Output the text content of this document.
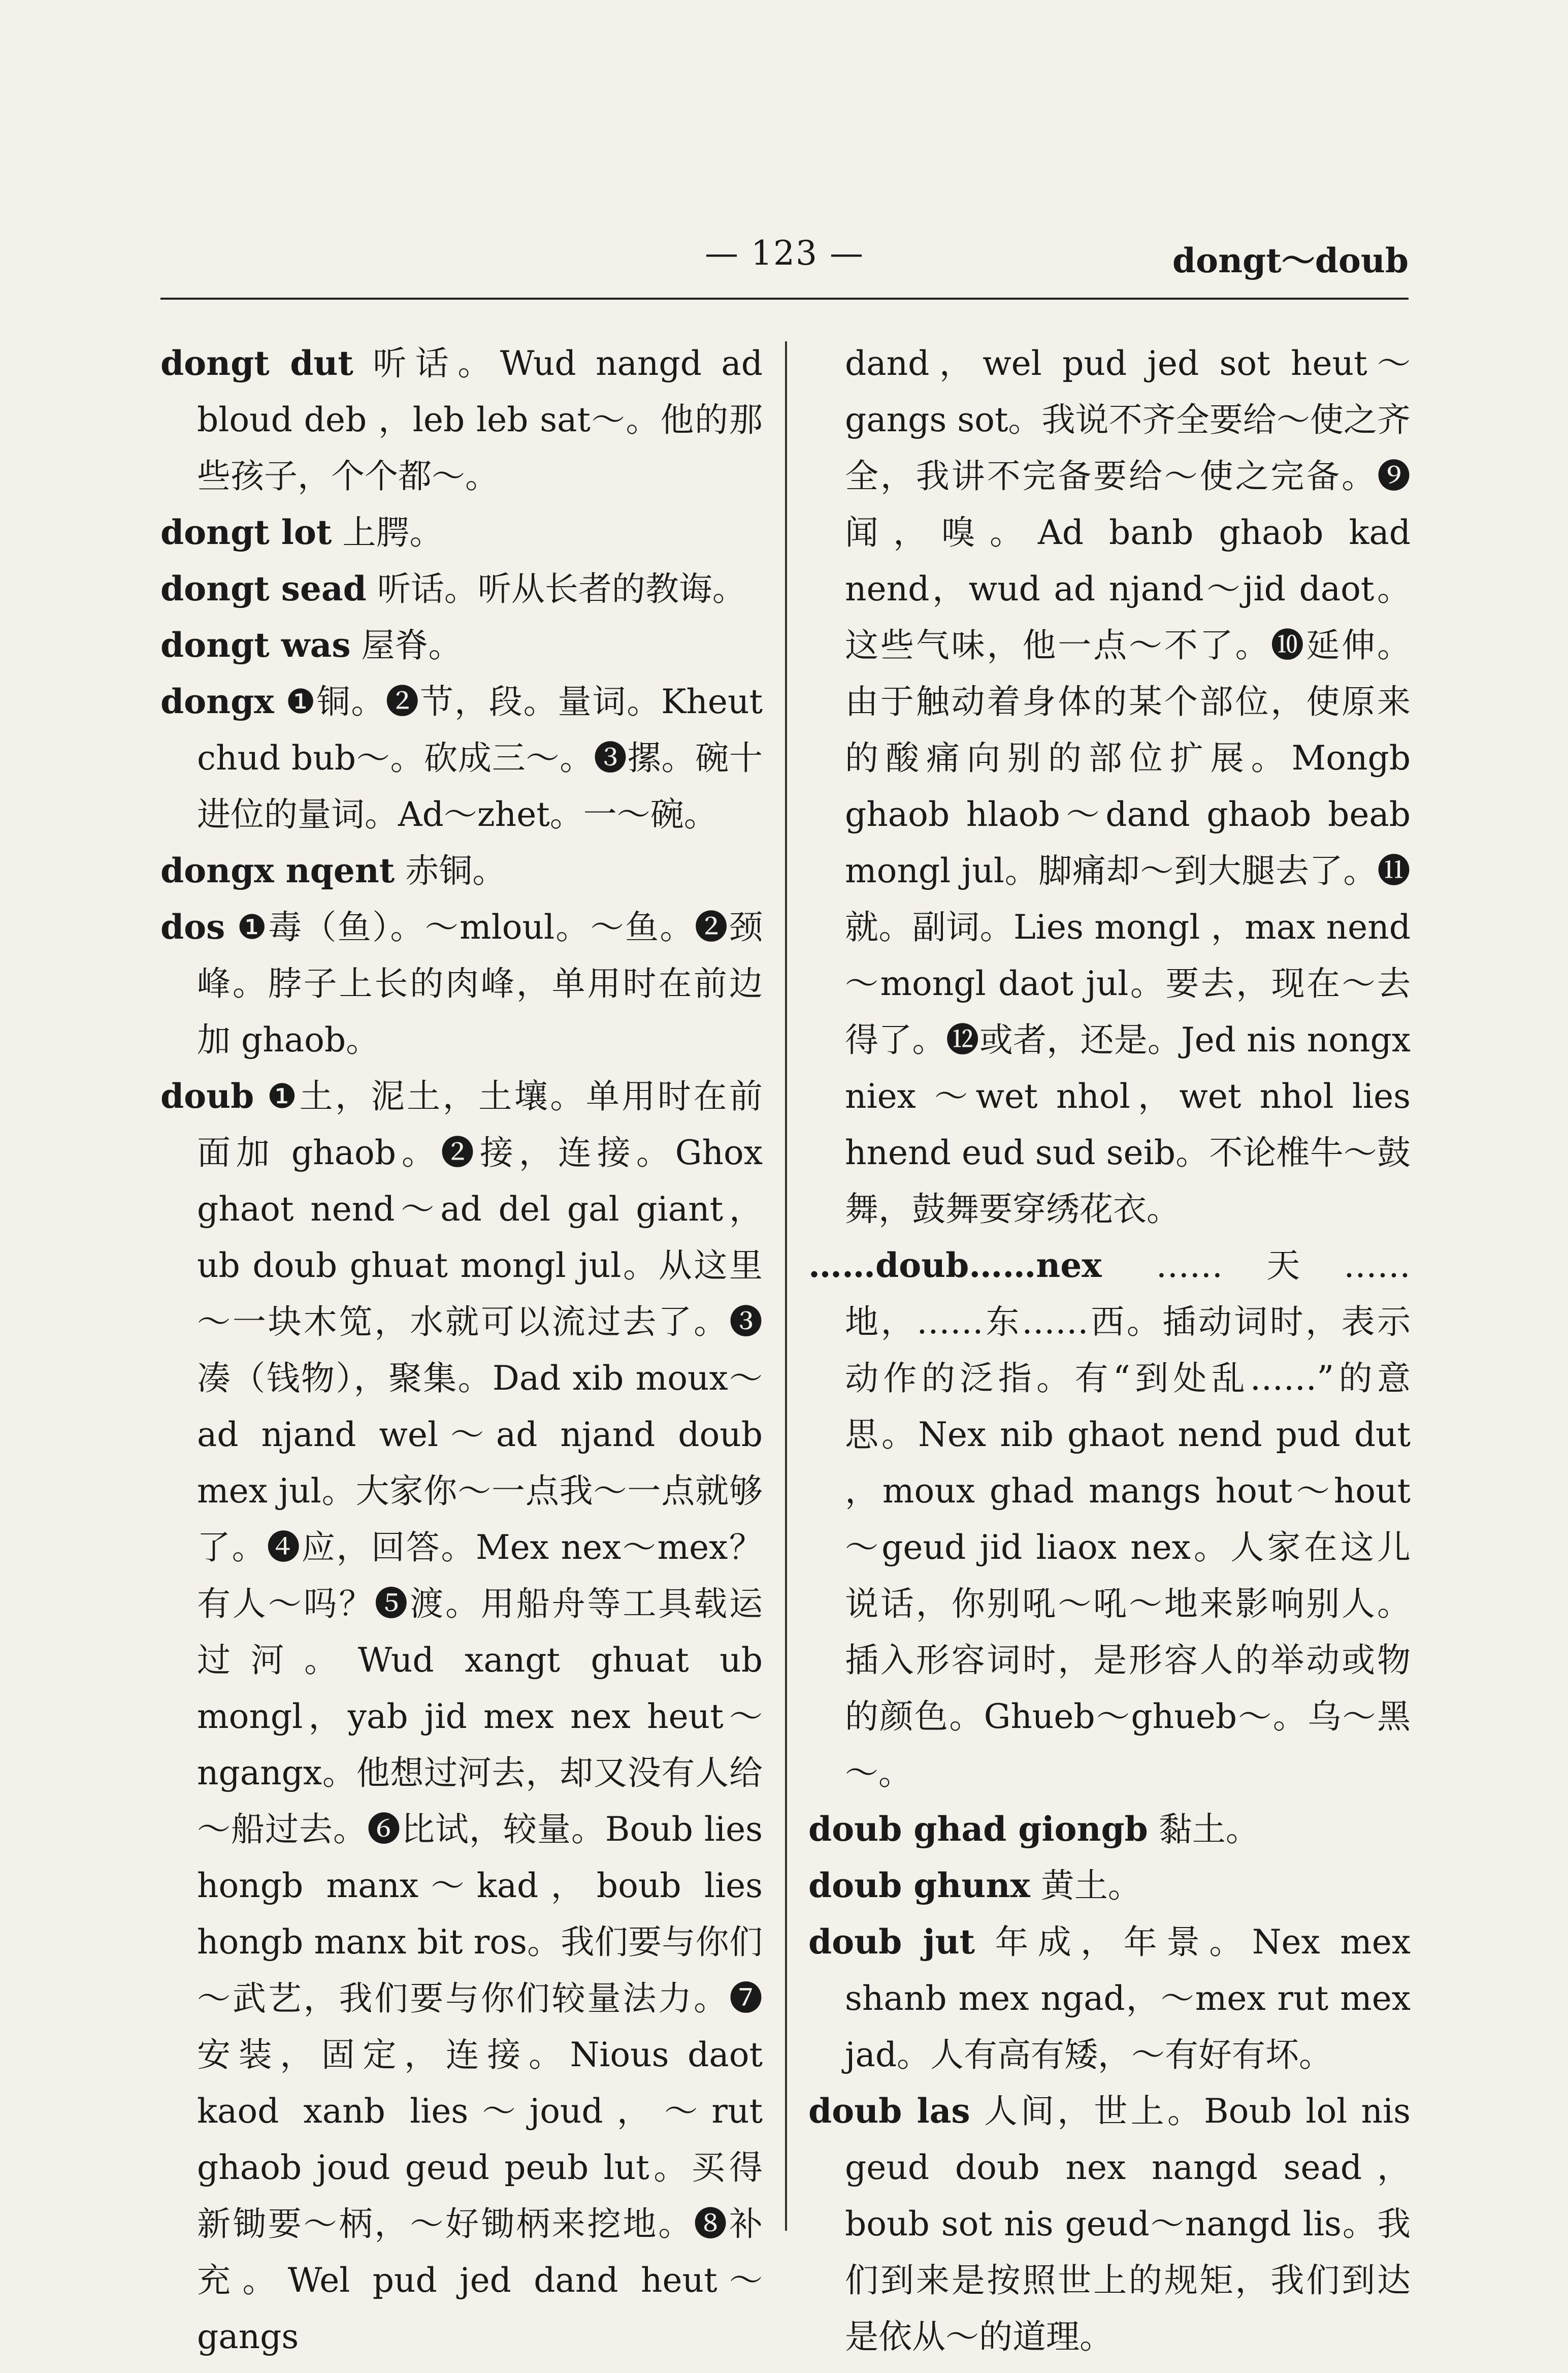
— 123 —	dongt～doub

dongt dut 听话。Wud nangd ad bloud deb ，leb leb sat～。他的那些孩子，个个都～。

dongt lot 上腭。

dongt sead 听话。听从长者的教诲。

dongt was 屋脊。

dongx ❶铜。❷节，段。量词。Kheut chud bub～。砍成三～。❸摞。碗十进位的量词。Ad～zhet。一～碗。

dongx nqent 赤铜。

dos ❶毒（鱼）。～mloul。～鱼。❷颈峰。脖子上长的肉峰，单用时在前边加 ghaob。

doub ❶土，泥土，土壤。单用时在前面加 ghaob。❷接，连接。Ghox ghaot nend～ad del gal giant，ub doub ghuat mongl jul。从这里～一块木笕，水就可以流过去了。❸凑（钱物），聚集。Dad xib moux～ad njand wel～ad njand doub mex jul。大家你～一点我～一点就够了。❹应，回答。Mex nex～mex？有人～吗？❺渡。用船舟等工具载运过河。Wud xangt ghuat ub mongl，yab jid mex nex heut～ngangx。他想过河去，却又没有人给～船过去。❻比试，较量。Boub lies hongb manx～kad，boub lies hongb manx bit ros。我们要与你们～武艺，我们要与你们较量法力。❼安装，固定，连接。Nious daot kaod xanb lies～joud，～rut ghaob joud geud peub lut。买得新锄要～柄，～好锄柄来挖地。❽补充。Wel pud jed dand heut～gangs

dand，wel pud jed sot heut～gangs sot。我说不齐全要给～使之齐全，我讲不完备要给～使之完备。❾闻，嗅。Ad banb ghaob kad nend，wud ad njand～jid daot。这些气味，他一点～不了。❿延伸。由于触动着身体的某个部位，使原来的酸痛向别的部位扩展。Mongb ghaob hlaob～dand ghaob beab mongl jul。脚痛却～到大腿去了。⓫就。副词。Lies mongl ，max nend～mongl daot jul。要去，现在～去得了。⓬或者，还是。Jed nis nongx niex ～wet nhol，wet nhol lies hnend eud sud seib。不论椎牛～鼓舞，鼓舞要穿绣花衣。

……doub……nex ……天……地，……东……西。插动词时，表示动作的泛指。有“到处乱……”的意思。Nex nib ghaot nend pud dut ，moux ghad mangs hout～hout～geud jid liaox nex。人家在这儿说话，你别吼～吼～地来影响别人。插入形容词时，是形容人的举动或物的颜色。Ghueb～ghueb～。乌～黑～。

doub ghad giongb 黏土。

doub ghunx 黄土。

doub jut 年成，年景。Nex mex shanb mex ngad，～mex rut mex jad。人有高有矮，～有好有坏。

doub las 人间，世上。Boub lol nis geud doub nex nangd sead，boub sot nis geud～nangd lis。我们到来是按照世上的规矩，我们到达是依从～的道理。
